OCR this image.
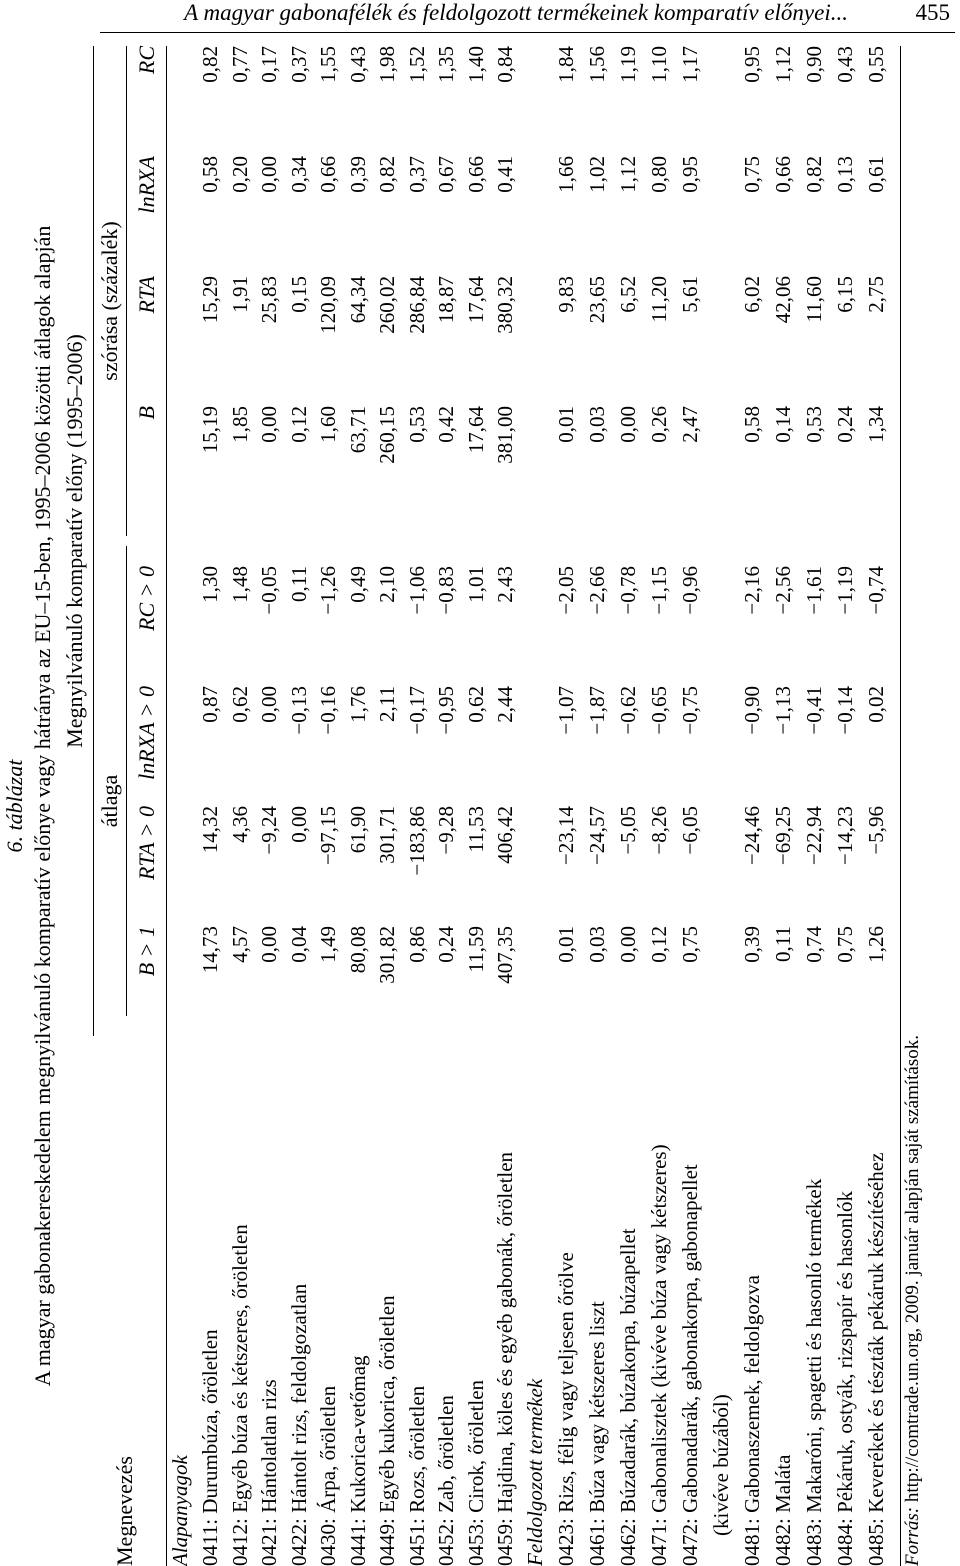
A magyar gabonafélék és feldolgozott termékeinek komparatív előnyei...	455
6. táblázat A magyar gabonakereskedelem megnyilvánuló komparatív előnye vagy hátránya az EU–15-ben, 1995–2006 közötti átlagok alapján
Megnevezés
Megnyilvánuló komparatív előny (1995–2006)
átlaga
szórása (százalék)
B > 1
RTA > 0
lnRXA > 0
RC > 0
B
RTA
lnRXA
RC
Alapanyagok 0411: Durumbúza, őröletlen
14,73
14,32
0,87
1,30
15,19
15,29
0,58
0,82
0412: Egyéb búza és kétszeres, őröletlen
4,57
4,36
0,62
1,48
1,85
1,91
0,20
0,77
0421: Hántolatlan rizs
0,00
−9,24
0,00
−0,05
0,00
25,83
0,00
0,17
0422: Hántolt rizs, feldolgozatlan
0,04
0,00
−0,13
0,11
0,12
0,15
0,34
0,37
0430: Árpa, őröletlen
1,49
−97,15
−0,16
−1,26
1,60
120,09
0,66
1,55
0441: Kukorica-vetőmag
80,08
61,90
1,76
0,49
63,71
64,34
0,39
0,43
0449: Egyéb kukorica, őröletlen
301,82
301,71
2,11
2,10
260,15
260,02
0,82
1,98
0451: Rozs, őröletlen
0,86
−183,86
−0,17
−1,06
0,53
286,84
0,37
1,52
0452: Zab, őröletlen
0,24
−9,28
−0,95
−0,83
0,42
18,87
0,67
1,35
0453: Cirok, őröletlen
11,59
11,53
0,62
1,01
17,64
17,64
0,66
1,40
0459: Hajdina, köles és egyéb gabonák, őröletlen
407,35
406,42
2,44
2,43
381,00
380,32
0,41
0,84
Feldolgozott termékek 0423: Rizs, félig vagy teljesen őrölve
0,01
−23,14
−1,07
−2,05
0,01
9,83
1,66
1,84
0461: Búza vagy kétszeres liszt
0,03
−24,57
−1,87
−2,66
0,03
23,65
1,02
1,56
0462: Búzadarák, búzakorpa, búzapellet
0,00
−5,05
−0,62
−0,78
0,00
6,52
1,12
1,19
0471: Gabonalisztek (kivéve búza vagy kétszeres)
0,12
−8,26
−0,65
−1,15
0,26
11,20
0,80
1,10
0472: Gabonadarák, gabonakorpa, gabonapellet
0,75
−6,05
−0,75
−0,96
2,47
5,61
0,95
1,17
(kivéve búzából) 0481: Gabonaszemek, feldolgozva
0,39
−24,46
−0,90
−2,16
0,58
6,02
0,75
0,95
0482: Maláta
0,11
−69,25
−1,13
−2,56
0,14
42,06
0,66
1,12
0483: Makaróni, spagetti és hasonló termékek
0,74
−22,94
−0,41
−1,61
0,53
11,60
0,82
0,90
0484: Pékáruk, ostyák, rizspapír és hasonlók
0,75
−14,23
−0,14
−1,19
0,24
6,15
0,13
0,43
0485: Keverékek és tészták pékáruk készítéséhez
1,26
−5,96
0,02
−0,74
1,34
2,75
0,61
0,55
Forrás: http://comtrade.un.org, 2009. január alapján saját számítások.
